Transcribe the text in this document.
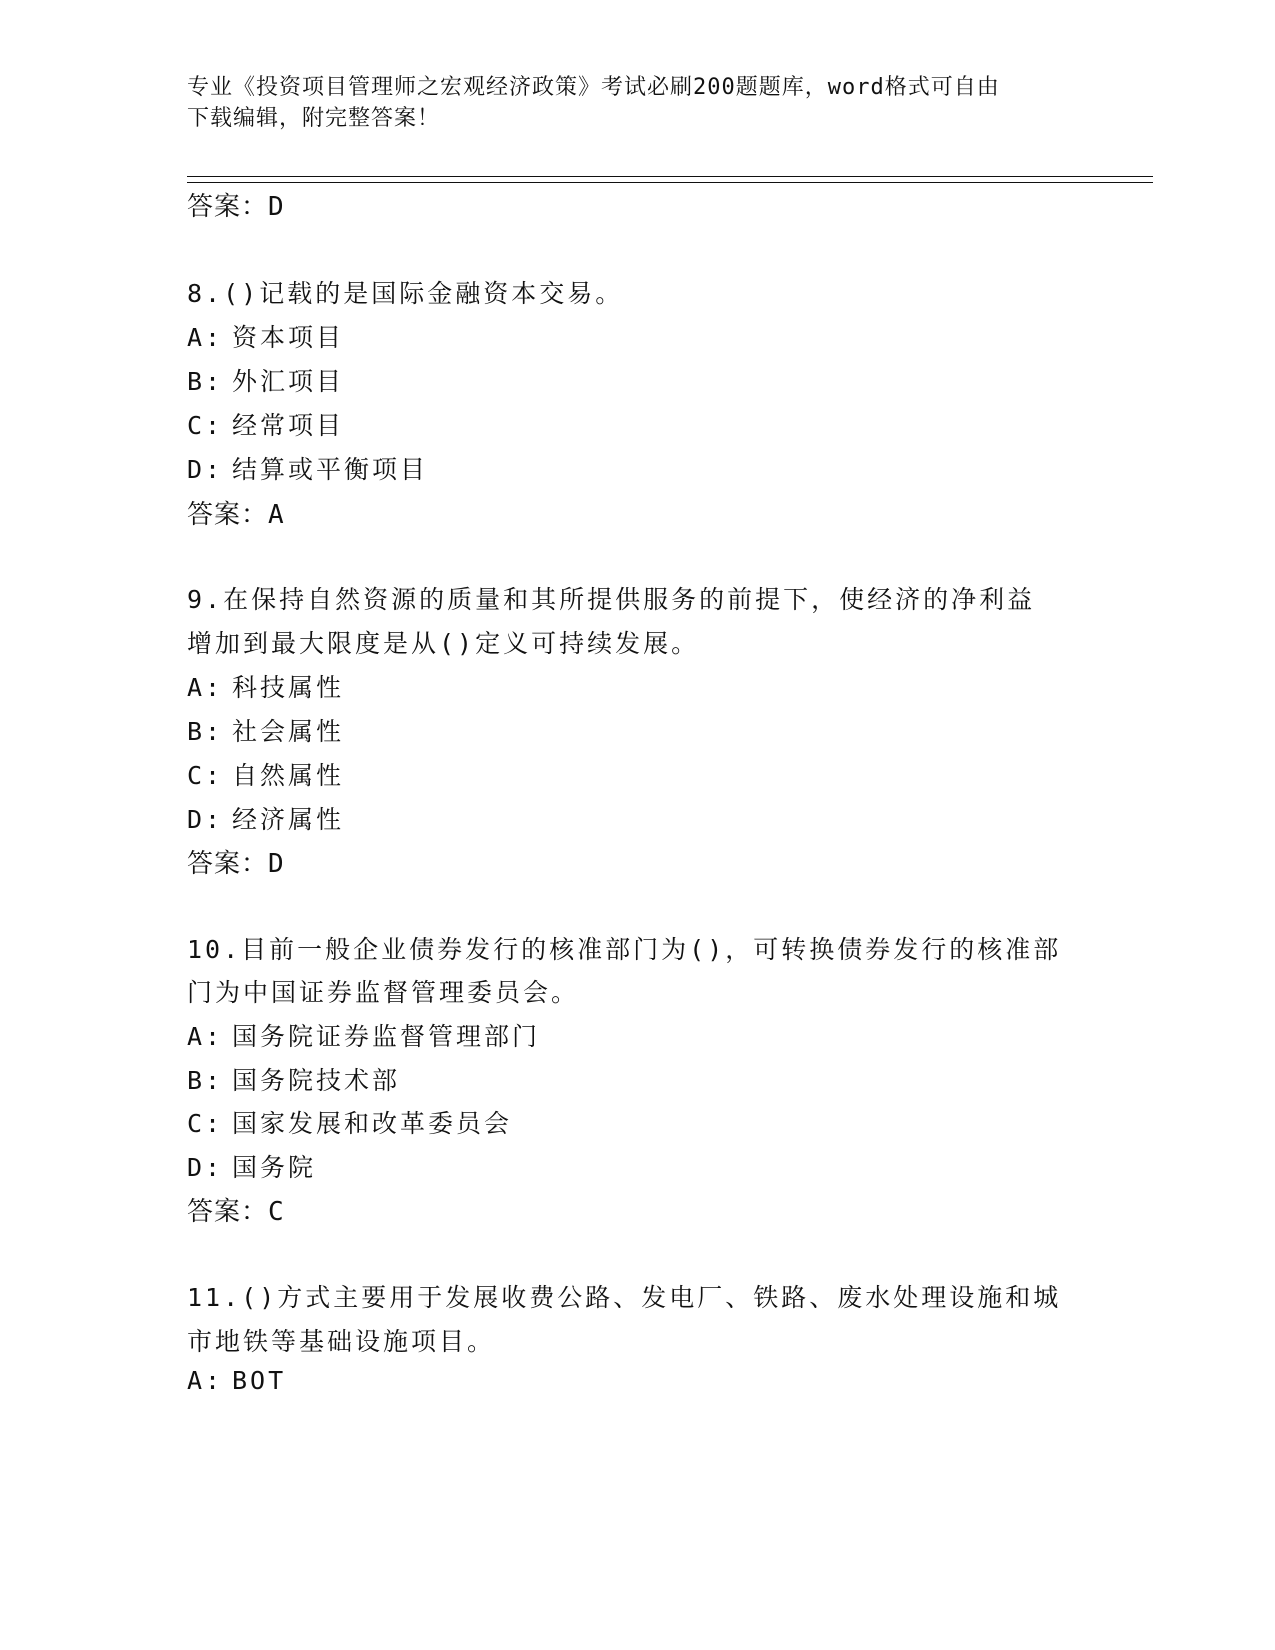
专业《投资项目管理师之宏观经济政策》考试必刷200题题库，word格式可自由
下载编辑，附完整答案！
答案：D
8.()记载的是国际金融资本交易。
A: 资本项目
B: 外汇项目
C: 经常项目
D: 结算或平衡项目
答案：A
9.在保持自然资源的质量和其所提供服务的前提下，使经济的净利益
增加到最大限度是从()定义可持续发展。
A: 科技属性
B: 社会属性
C: 自然属性
D: 经济属性
答案：D
10.目前一般企业债券发行的核准部门为()，可转换债券发行的核准部
门为中国证券监督管理委员会。
A: 国务院证券监督管理部门
B: 国务院技术部
C: 国家发展和改革委员会
D: 国务院
答案：C
11.()方式主要用于发展收费公路、发电厂、铁路、废水处理设施和城
市地铁等基础设施项目。
A: BOT
